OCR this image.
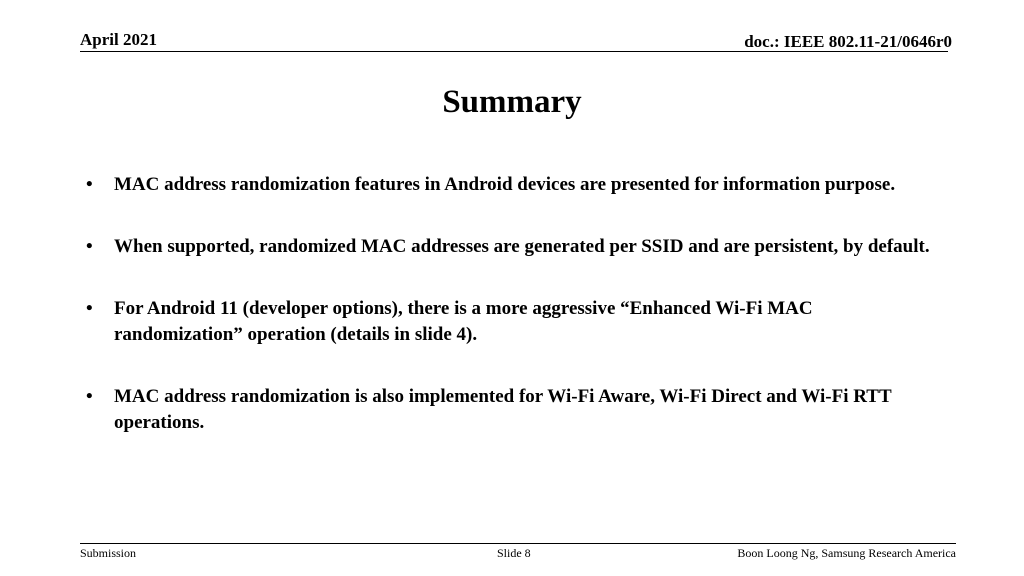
April 2021	doc.: IEEE 802.11-21/0646r0
Summary
• MAC address randomization features in Android devices are presented for information purpose.
• When supported, randomized MAC addresses are generated per SSID and are persistent, by default.
• For Android 11 (developer options), there is a more aggressive “Enhanced Wi-Fi MAC randomization” operation (details in slide 4).
• MAC address randomization is also implemented for Wi-Fi Aware, Wi-Fi Direct and Wi-Fi RTT operations.
Submission	Slide 8	Boon Loong Ng, Samsung Research America
